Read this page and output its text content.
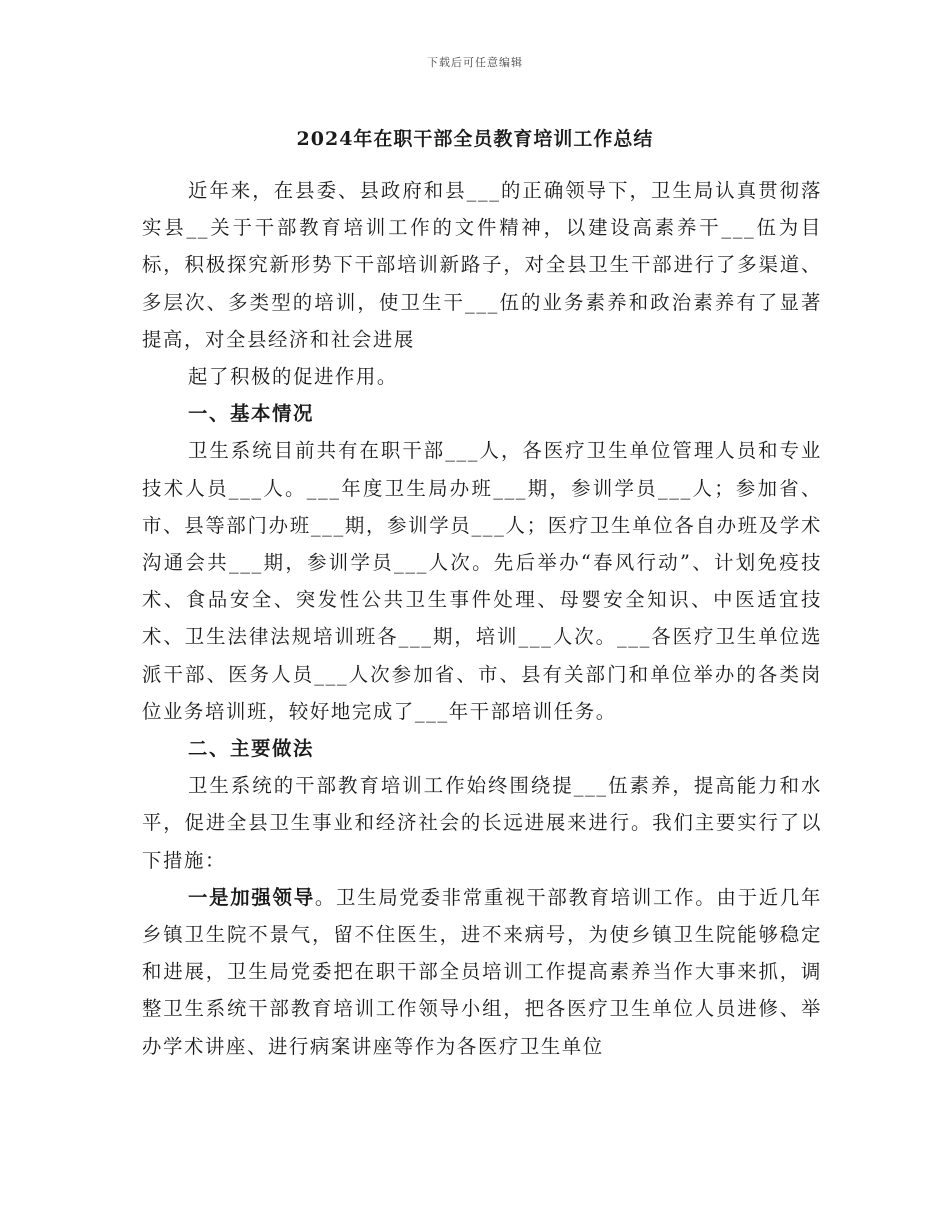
下载后可任意编辑
2024年在职干部全员教育培训工作总结

近年来，在县委、县政府和县___的正确领导下，卫生局认真贯彻落实县__关于干部教育培训工作的文件精神，以建设高素养干___伍为目标，积极探究新形势下干部培训新路子，对全县卫生干部进行了多渠道、多层次、多类型的培训，使卫生干___伍的业务素养和政治素养有了显著提高，对全县经济和社会进展

起了积极的促进作用。

一、基本情况

卫生系统目前共有在职干部___人，各医疗卫生单位管理人员和专业技术人员___人。___年度卫生局办班___期，参训学员___人；参加省、市、县等部门办班___期，参训学员___人；医疗卫生单位各自办班及学术沟通会共___期，参训学员___人次。先后举办“春风行动”、计划免疫技术、食品安全、突发性公共卫生事件处理、母婴安全知识、中医适宜技术、卫生法律法规培训班各___期，培训___人次。___各医疗卫生单位选派干部、医务人员___人次参加省、市、县有关部门和单位举办的各类岗位业务培训班，较好地完成了___年干部培训任务。

二、主要做法

卫生系统的干部教育培训工作始终围绕提___伍素养，提高能力和水平，促进全县卫生事业和经济社会的长远进展来进行。我们主要实行了以下措施：

一是加强领导。卫生局党委非常重视干部教育培训工作。由于近几年乡镇卫生院不景气，留不住医生，进不来病号，为使乡镇卫生院能够稳定和进展，卫生局党委把在职干部全员培训工作提高素养当作大事来抓，调整卫生系统干部教育培训工作领导小组，把各医疗卫生单位人员进修、举办学术讲座、进行病案讲座等作为各医疗卫生单位
